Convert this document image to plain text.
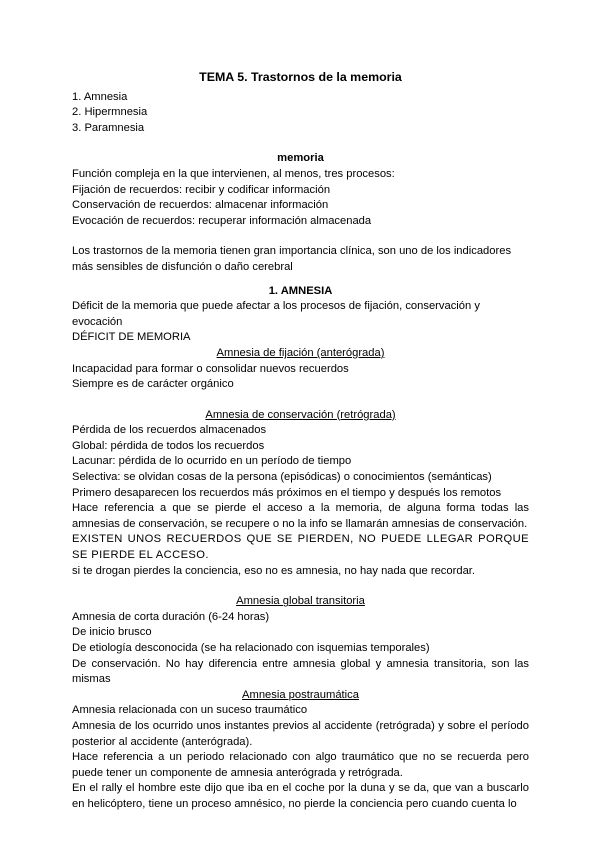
TEMA 5. Trastornos de la memoria
1. Amnesia
2. Hipermnesia
3. Paramnesia
memoria
Función compleja en la que intervienen, al menos, tres procesos:
Fijación de recuerdos: recibir y codificar información
Conservación de recuerdos: almacenar información
Evocación de recuerdos: recuperar información almacenada

Los trastornos de la memoria tienen gran importancia clínica, son uno de los indicadores más sensibles de disfunción o daño cerebral

1. AMNESIA

Déficit de la memoria que puede afectar a los procesos de fijación, conservación y evocación

DÉFICIT DE MEMORIA
Amnesia de fijación (anterógrada)
Incapacidad para formar o consolidar nuevos recuerdos
Siempre es de carácter orgánico
Amnesia de conservación (retrógrada)
Pérdida de los recuerdos almacenados
Global: pérdida de todos los recuerdos
Lacunar: pérdida de lo ocurrido en un período de tiempo
Selectiva: se olvidan cosas de la persona (episódicas) o conocimientos (semánticas)
Primero desaparecen los recuerdos más próximos en el tiempo y después los remotos

Hace referencia a que se pierde el acceso a la memoria, de alguna forma todas las amnesias de conservación, se recupere o no la info se llamarán amnesias de conservación.

EXISTEN UNOS RECUERDOS QUE SE PIERDEN, NO PUEDE LLEGAR PORQUE SE PIERDE EL ACCESO.

si te drogan pierdes la conciencia, eso no es amnesia, no hay nada que recordar.
Amnesia global transitoria
Amnesia de corta duración (6-24 horas)
De inicio brusco
De etiología desconocida (se ha relacionado con isquemias temporales)

De conservación. No hay diferencia entre amnesia global y amnesia transitoria, son las mismas

Amnesia postraumática
Amnesia relacionada con un suceso traumático

Amnesia de los ocurrido unos instantes previos al accidente (retrógrada) y sobre el período posterior al accidente (anterógrada).

Hace referencia a un periodo relacionado con algo traumático que no se recuerda pero puede tener un componente de amnesia anterógrada y retrógrada.

En el rally el hombre este dijo que iba en el coche por la duna y se da, que van a buscarlo en helicóptero, tiene un proceso amnésico, no pierde la conciencia pero cuando cuenta lo
